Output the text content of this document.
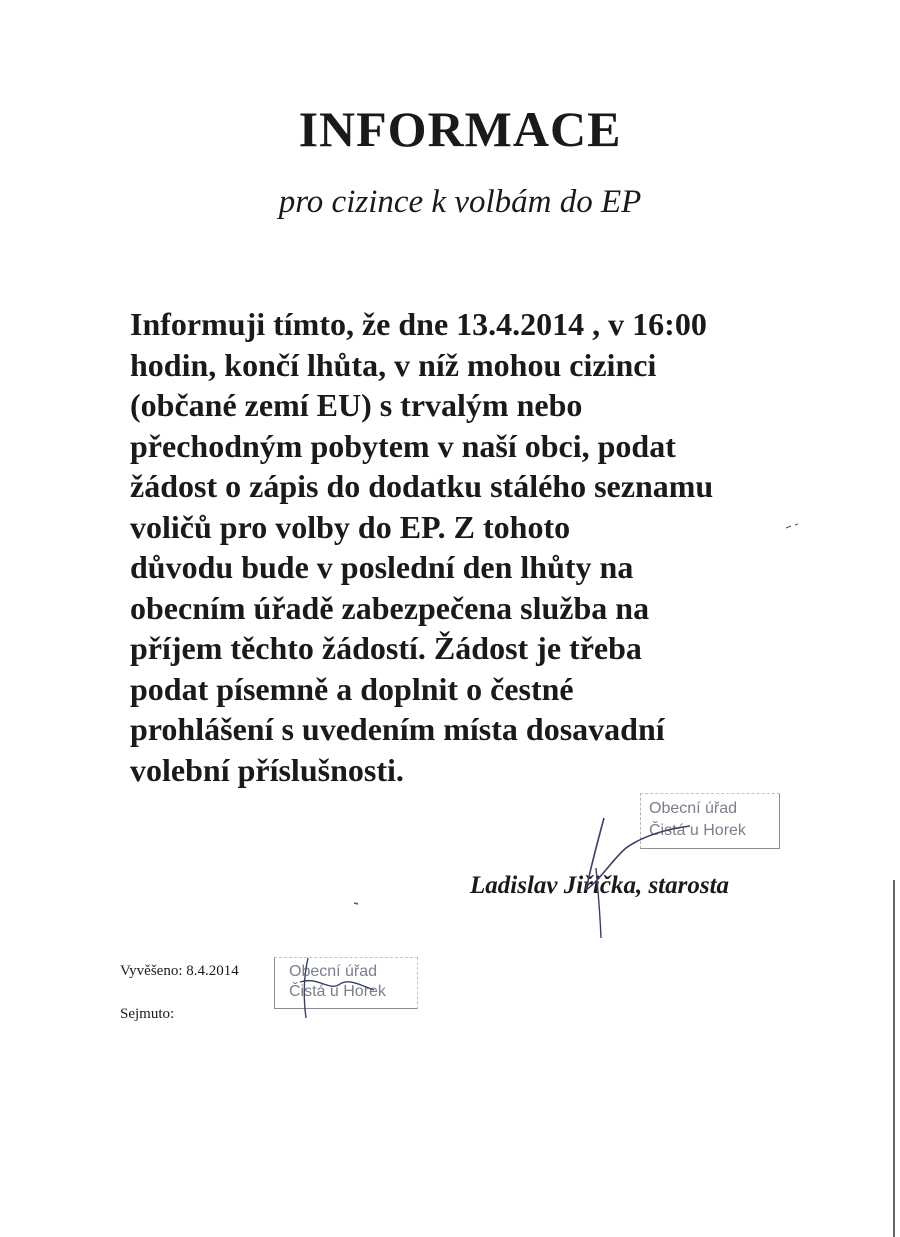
INFORMACE
pro cizince k volbám do EP
Informuji tímto, že dne 13.4.2014 , v 16:00
hodin, končí lhůta, v níž mohou cizinci
(občané zemí EU) s trvalým nebo
přechodným pobytem v naší obci, podat
žádost o zápis do dodatku stálého seznamu
voličů pro volby do EP. Z tohoto
důvodu bude v poslední den lhůty na
obecním úřadě zabezpečena služba na
příjem těchto žádostí. Žádost je třeba
podat písemně a doplnit o čestné
prohlášení s uvedením místa dosavadní
volební příslušnosti.
Obecní úřad
Čistá u Horek
Ladislav Jiřička, starosta
Vyvěšeno: 8.4.2014
Sejmuto:
Obecní úřad
Čistá u Horek
